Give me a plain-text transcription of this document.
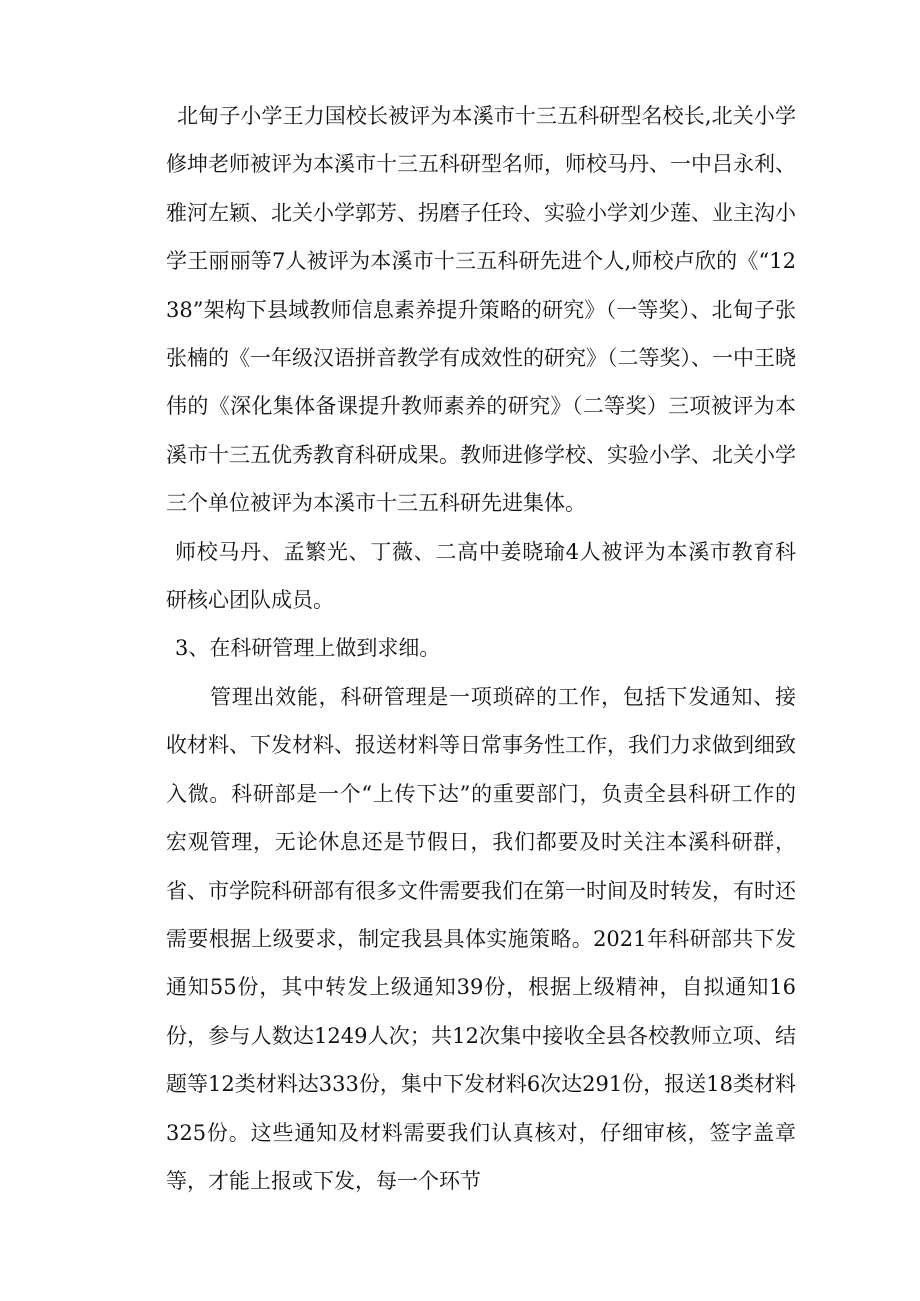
北甸子小学王力国校长被评为本溪市十三五科研型名校长,北关小学修坤老师被评为本溪市十三五科研型名师，师校马丹、一中吕永利、雅河左颖、北关小学郭芳、拐磨子任玲、实验小学刘少莲、业主沟小学王丽丽等7人被评为本溪市十三五科研先进个人,师校卢欣的《“1238”架构下县域教师信息素养提升策略的研究》（一等奖）、北甸子张张楠的《一年级汉语拼音教学有成效性的研究》（二等奖）、一中王晓伟的《深化集体备课提升教师素养的研究》（二等奖）三项被评为本溪市十三五优秀教育科研成果。教师进修学校、实验小学、北关小学三个单位被评为本溪市十三五科研先进集体。

师校马丹、孟繁光、丁薇、二高中姜晓瑜4人被评为本溪市教育科研核心团队成员。

3、在科研管理上做到求细。

管理出效能，科研管理是一项琐碎的工作，包括下发通知、接收材料、下发材料、报送材料等日常事务性工作，我们力求做到细致入微。科研部是一个“上传下达”的重要部门，负责全县科研工作的宏观管理，无论休息还是节假日，我们都要及时关注本溪科研群，省、市学院科研部有很多文件需要我们在第一时间及时转发，有时还需要根据上级要求，制定我县具体实施策略。2021年科研部共下发通知55份，其中转发上级通知39份，根据上级精神，自拟通知16份，参与人数达1249人次；共12次集中接收全县各校教师立项、结题等12类材料达333份，集中下发材料6次达291份，报送18类材料325份。这些通知及材料需要我们认真核对，仔细审核，签字盖章等，才能上报或下发，每一个环节
